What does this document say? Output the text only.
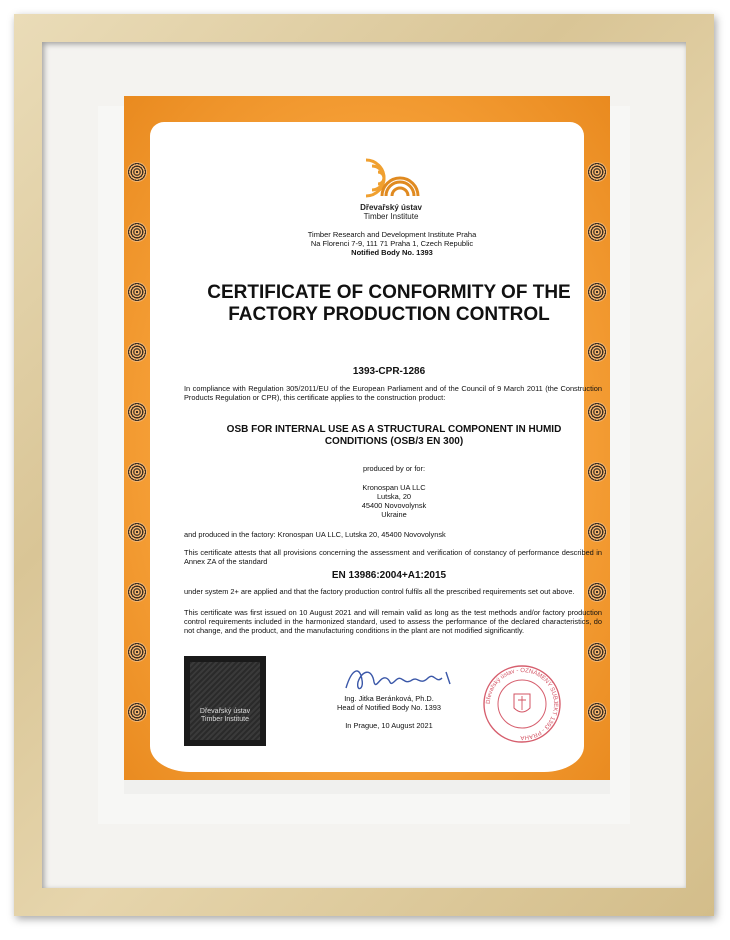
Dřevařský ústav
Timber Institute
Timber Research and Development Institute Praha
Na Florenci 7-9, 111 71 Praha 1, Czech Republic
Notified Body No. 1393
CERTIFICATE OF CONFORMITY OF THE FACTORY PRODUCTION CONTROL
1393-CPR-1286
In compliance with Regulation 305/2011/EU of the European Parliament and of the Council of 9 March 2011 (the Construction Products Regulation or CPR), this certificate applies to the construction product:
OSB FOR INTERNAL USE AS A STRUCTURAL COMPONENT IN HUMID CONDITIONS (OSB/3 EN 300)
produced by or for:
Kronospan UA LLC
Lutska, 20
45400 Novovolynsk
Ukraine
and produced in the factory: Kronospan UA LLC, Lutska 20, 45400 Novovolynsk
This certificate attests that all provisions concerning the assessment and verification of constancy of performance described in Annex ZA of the standard
EN 13986:2004+A1:2015
under system 2+ are applied and that the factory production control fulfils all the prescribed requirements set out above.
This certificate was first issued on 10 August 2021 and will remain valid as long as the test methods and/or factory production control requirements included in the harmonized standard, used to assess the performance of the declared characteristics, do not change, and the product, and the manufacturing conditions in the plant are not modified significantly.
Dřevařský ústav
Timber Institute
Ing. Jitka Beránková, Ph.D.
Head of Notified Body No. 1393
In Prague, 10 August 2021
Dřevařský ústav - OZNÁMENÝ SUBJEKT 1393 - PRAHA
